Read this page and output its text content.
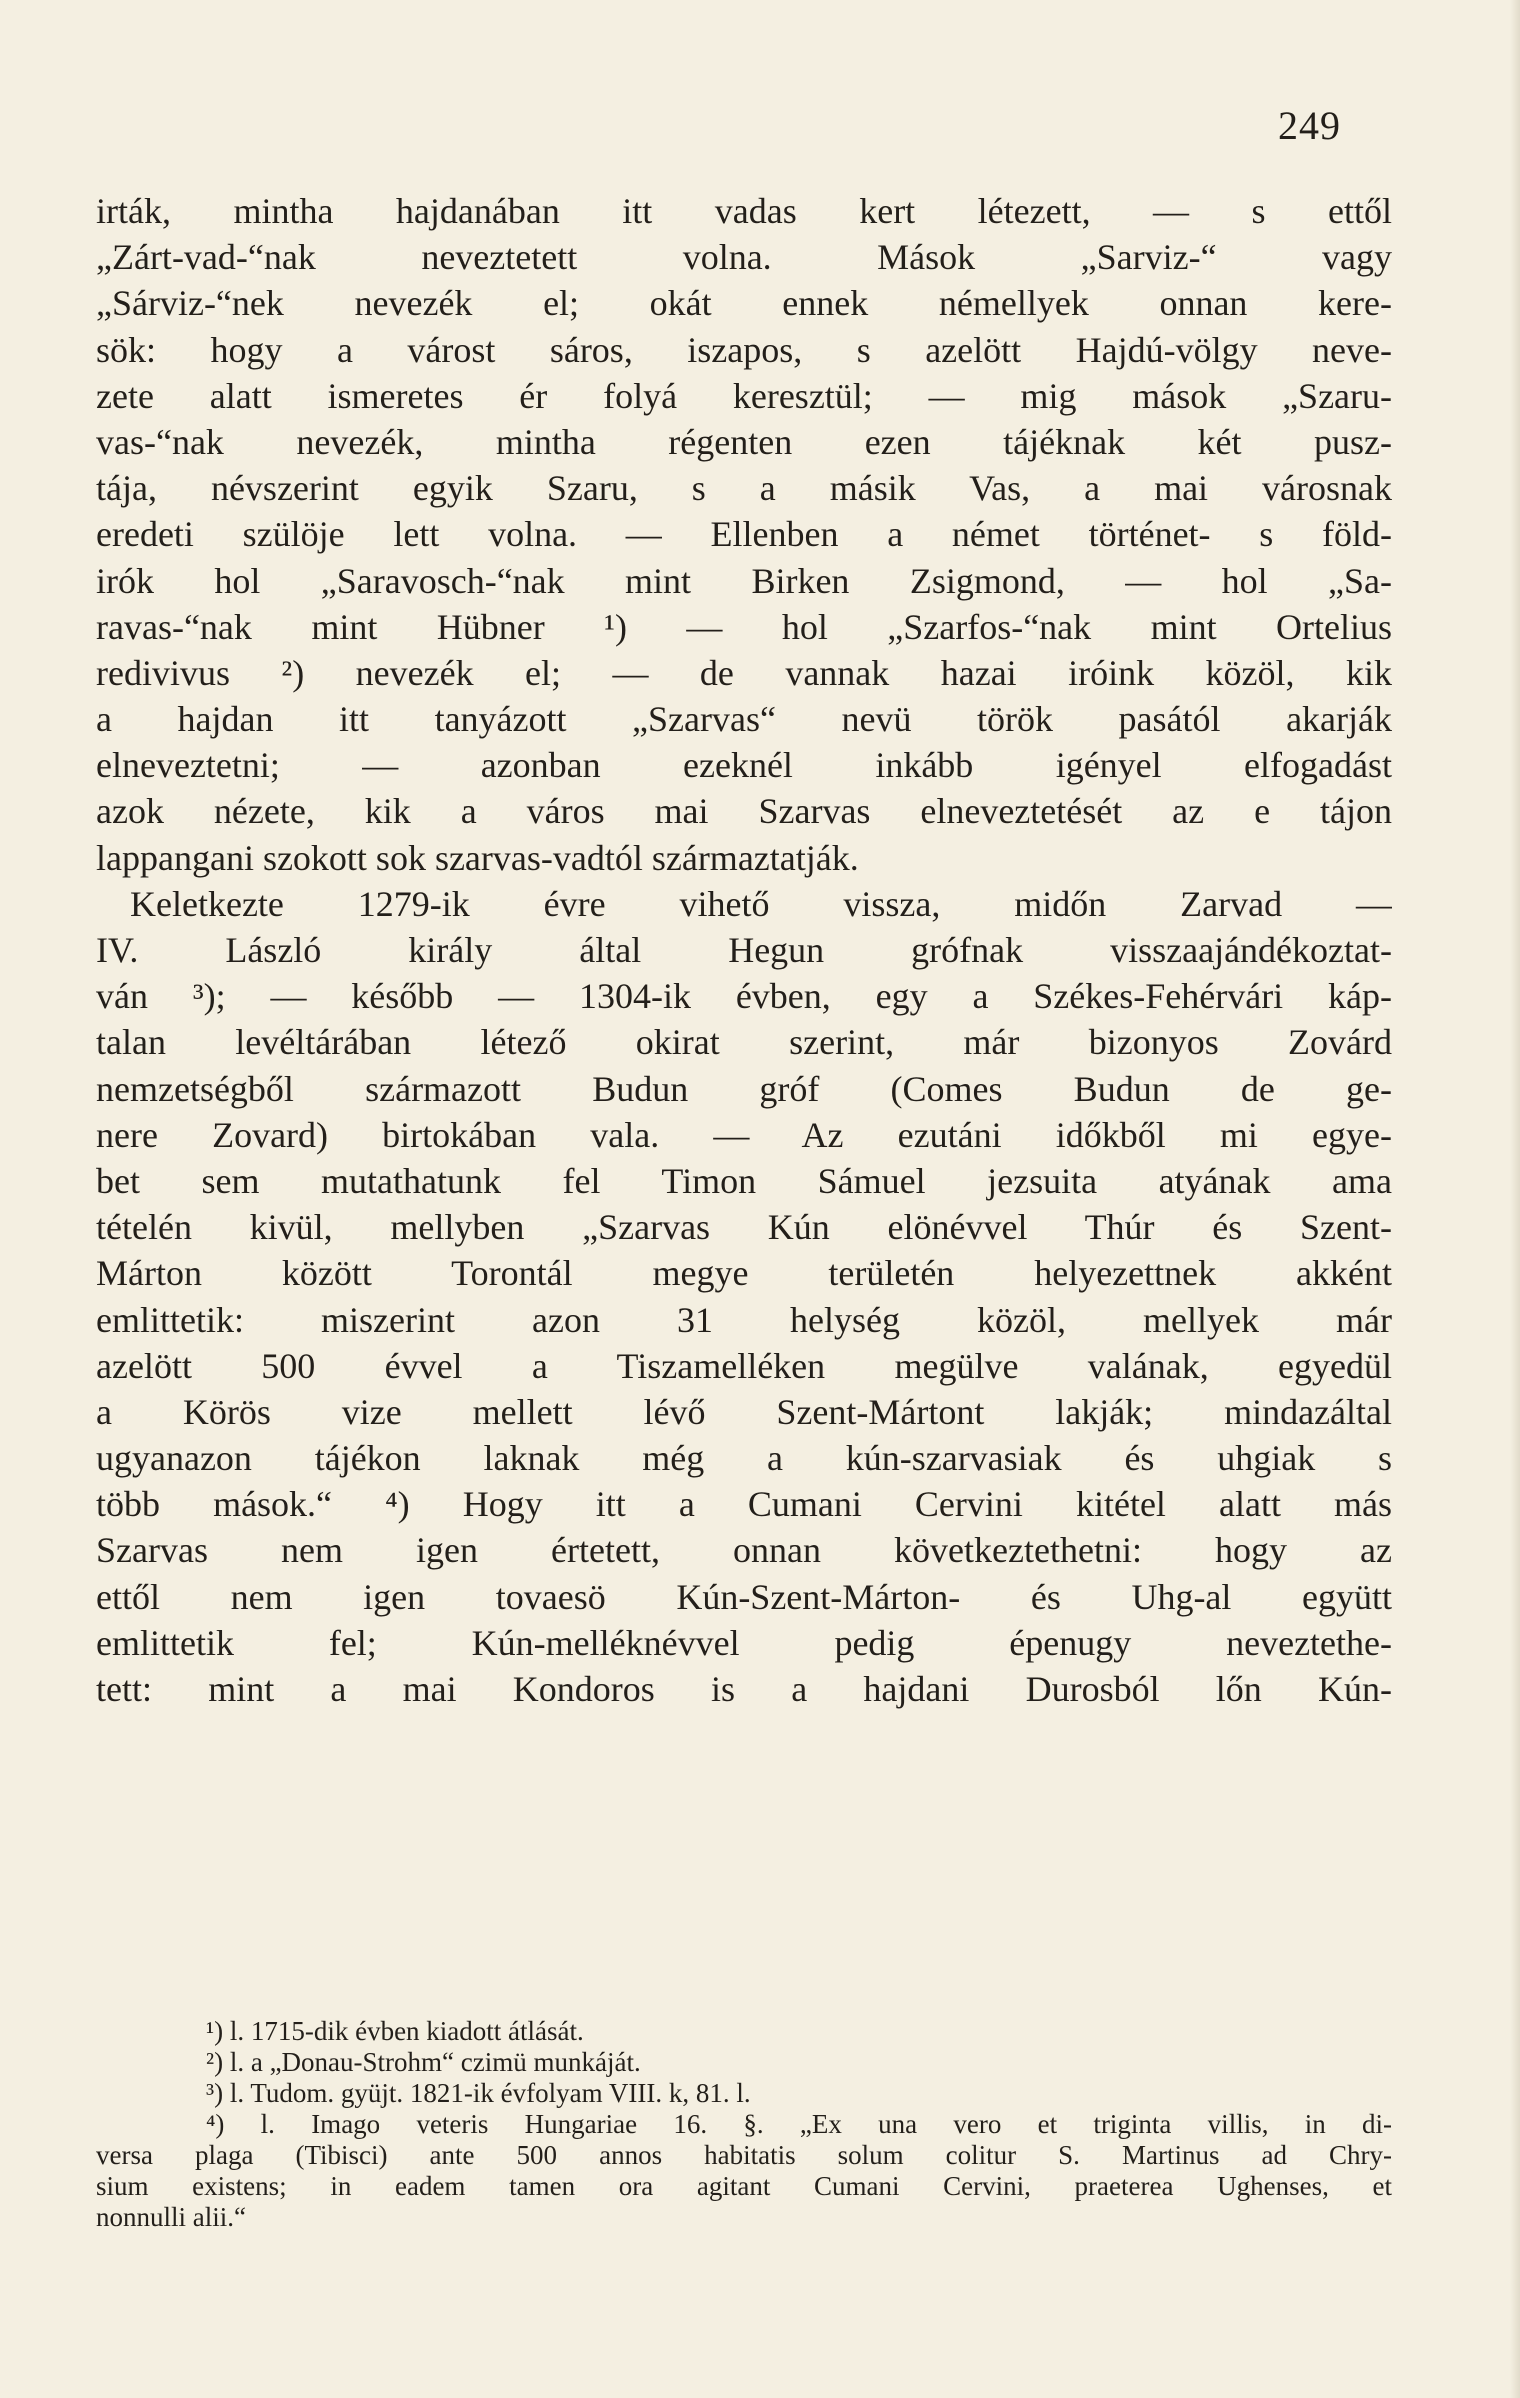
249
irták, mintha hajdanában itt vadas kert létezett, — s ettől
„Zárt-vad-“nak neveztetett volna. Mások „Sarviz-“ vagy
„Sárviz-“nek nevezék el; okát ennek némellyek onnan kere-
sök: hogy a várost sáros, iszapos, s azelött Hajdú-völgy neve-
zete alatt ismeretes ér folyá keresztül; — mig mások „Szaru-
vas-“nak nevezék, mintha régenten ezen tájéknak két pusz-
tája, névszerint egyik Szaru, s a másik Vas, a mai városnak
eredeti szülöje lett volna. — Ellenben a német történet- s föld-
irók hol „Saravosch-“nak mint Birken Zsigmond, — hol „Sa-
ravas-“nak mint Hübner ¹) — hol „Szarfos-“nak mint Ortelius
redivivus ²) nevezék el; — de vannak hazai iróink közöl, kik
a hajdan itt tanyázott „Szarvas“ nevü török pasától akarják
elneveztetni; — azonban ezeknél inkább igényel elfogadást
azok nézete, kik a város mai Szarvas elneveztetését az e tájon
lappangani szokott sok szarvas-vadtól származtatják.
Keletkezte 1279-ik évre vihető vissza, midőn Zarvad —
IV. László király által Hegun grófnak visszaajándékoztat-
ván ³); — később — 1304-ik évben, egy a Székes-Fehérvári káp-
talan levéltárában létező okirat szerint, már bizonyos Zovárd
nemzetségből származott Budun gróf (Comes Budun de ge-
nere Zovard) birtokában vala. — Az ezutáni időkből mi egye-
bet sem mutathatunk fel Timon Sámuel jezsuita atyának ama
tételén kivül, mellyben „Szarvas Kún elönévvel Thúr és Szent-
Márton között Torontál megye területén helyezettnek akként
emlittetik: miszerint azon 31 helység közöl, mellyek már
azelött 500 évvel a Tiszamelléken megülve valának, egyedül
a Körös vize mellett lévő Szent-Mártont lakják; mindazáltal
ugyanazon tájékon laknak még a kún-szarvasiak és uhgiak s
több mások.“ ⁴) Hogy itt a Cumani Cervini kitétel alatt más
Szarvas nem igen értetett, onnan következtethetni: hogy az
ettől nem igen tovaesö Kún-Szent-Márton- és Uhg-al együtt
emlittetik fel; Kún-melléknévvel pedig épenugy neveztethe-
tett: mint a mai Kondoros is a hajdani Durosból lőn Kún-
¹) l. 1715-dik évben kiadott átlását.
²) l. a „Donau-Strohm“ czimü munkáját.
³) l. Tudom. gyüjt. 1821-ik évfolyam VIII. k, 81. l.
⁴) l. Imago veteris Hungariae 16. §. „Ex una vero et triginta villis, in di-
versa plaga (Tibisci) ante 500 annos habitatis solum colitur S. Martinus ad Chry-
sium existens; in eadem tamen ora agitant Cumani Cervini, praeterea Ughenses, et
nonnulli alii.“
